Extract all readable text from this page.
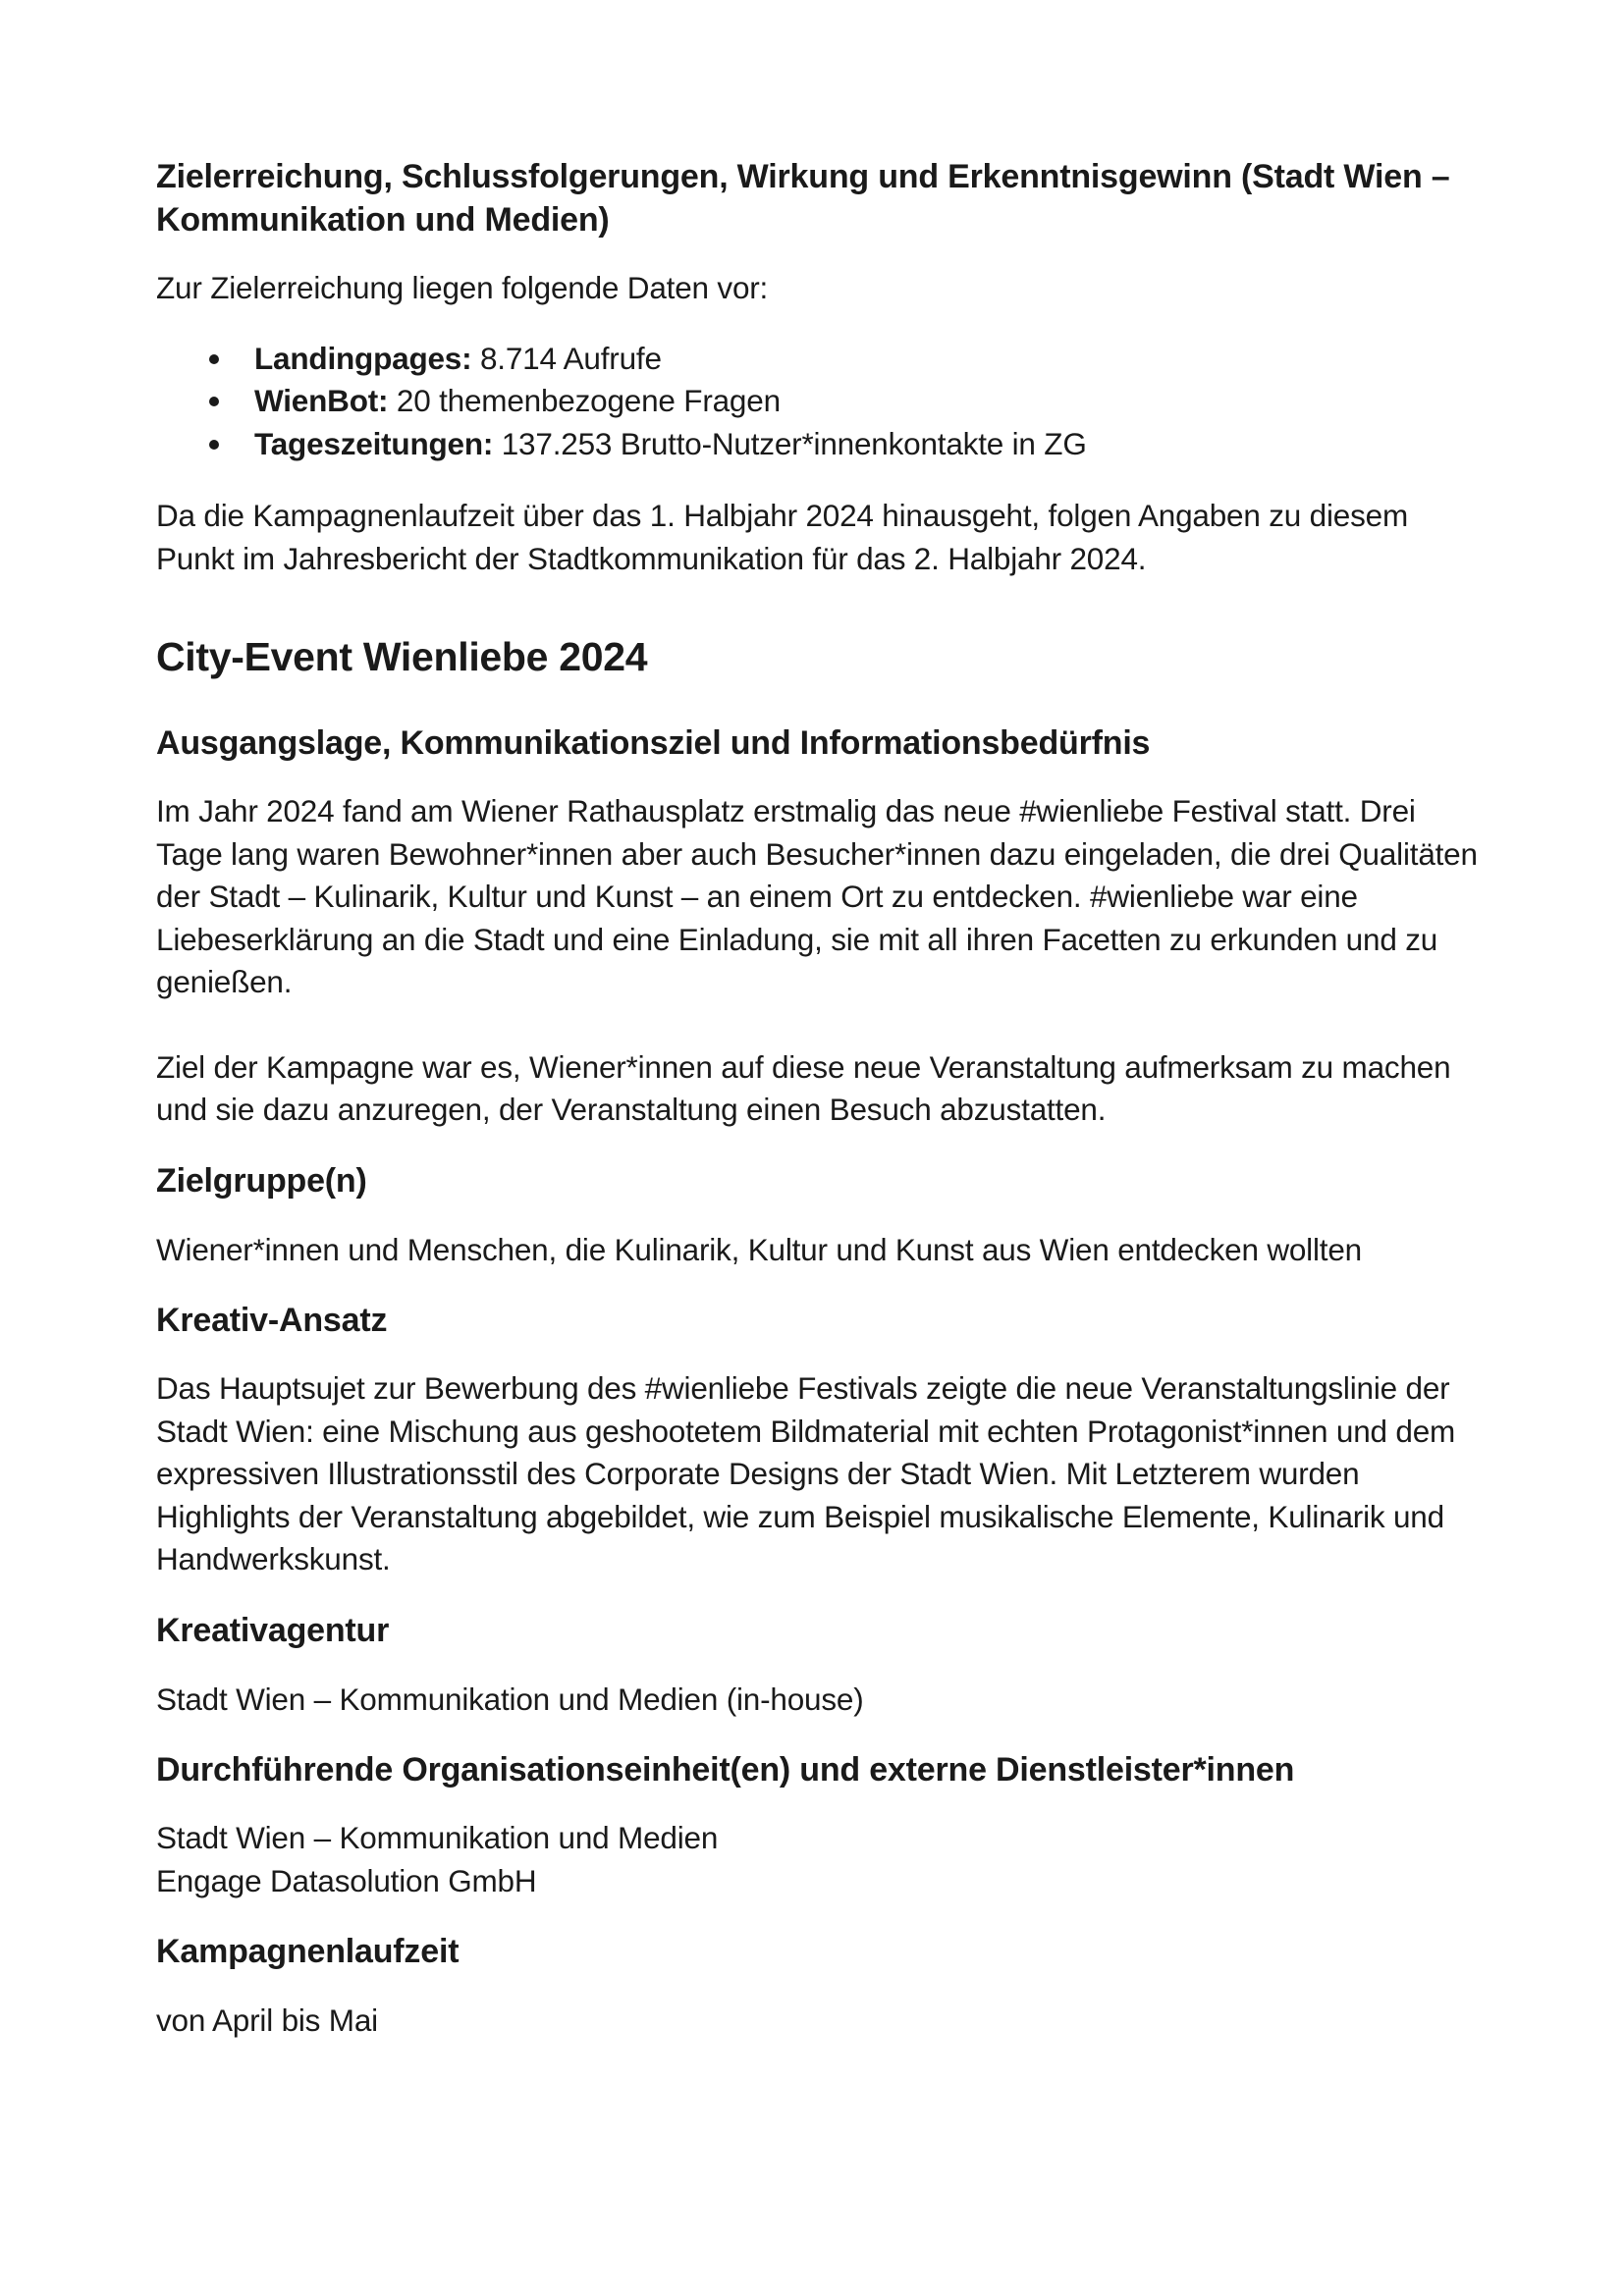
Zielerreichung, Schlussfolgerungen, Wirkung und Erkenntnisgewinn (Stadt Wien – Kommunikation und Medien)

Zur Zielerreichung liegen folgende Daten vor:

Landingpages: 8.714 Aufrufe
WienBot: 20 themenbezogene Fragen
Tageszeitungen: 137.253 Brutto-Nutzer*innenkontakte in ZG

Da die Kampagnenlaufzeit über das 1. Halbjahr 2024 hinausgeht, folgen Angaben zu diesem Punkt im Jahresbericht der Stadtkommunikation für das 2. Halbjahr 2024.

City-Event Wienliebe 2024
Ausgangslage, Kommunikationsziel und Informationsbedürfnis

Im Jahr 2024 fand am Wiener Rathausplatz erstmalig das neue #wienliebe Festival statt. Drei Tage lang waren Bewohner*innen aber auch Besucher*innen dazu eingeladen, die drei Qualitäten der Stadt – Kulinarik, Kultur und Kunst – an einem Ort zu entdecken. #wienliebe war eine Liebeserklärung an die Stadt und eine Einladung, sie mit all ihren Facetten zu erkunden und zu genießen.

Ziel der Kampagne war es, Wiener*innen auf diese neue Veranstaltung aufmerksam zu machen und sie dazu anzuregen, der Veranstaltung einen Besuch abzustatten.

Zielgruppe(n)

Wiener*innen und Menschen, die Kulinarik, Kultur und Kunst aus Wien entdecken wollten

Kreativ-Ansatz

Das Hauptsujet zur Bewerbung des #wienliebe Festivals zeigte die neue Veranstaltungslinie der Stadt Wien: eine Mischung aus geshootetem Bildmaterial mit echten Protagonist*innen und dem expressiven Illustrationsstil des Corporate Designs der Stadt Wien. Mit Letzterem wurden Highlights der Veranstaltung abgebildet, wie zum Beispiel musikalische Elemente, Kulinarik und Handwerkskunst.

Kreativagentur

Stadt Wien – Kommunikation und Medien (in-house)

Durchführende Organisationseinheit(en) und externe Dienstleister*innen

Stadt Wien – Kommunikation und Medien

Engage Datasolution GmbH

Kampagnenlaufzeit

von April bis Mai
